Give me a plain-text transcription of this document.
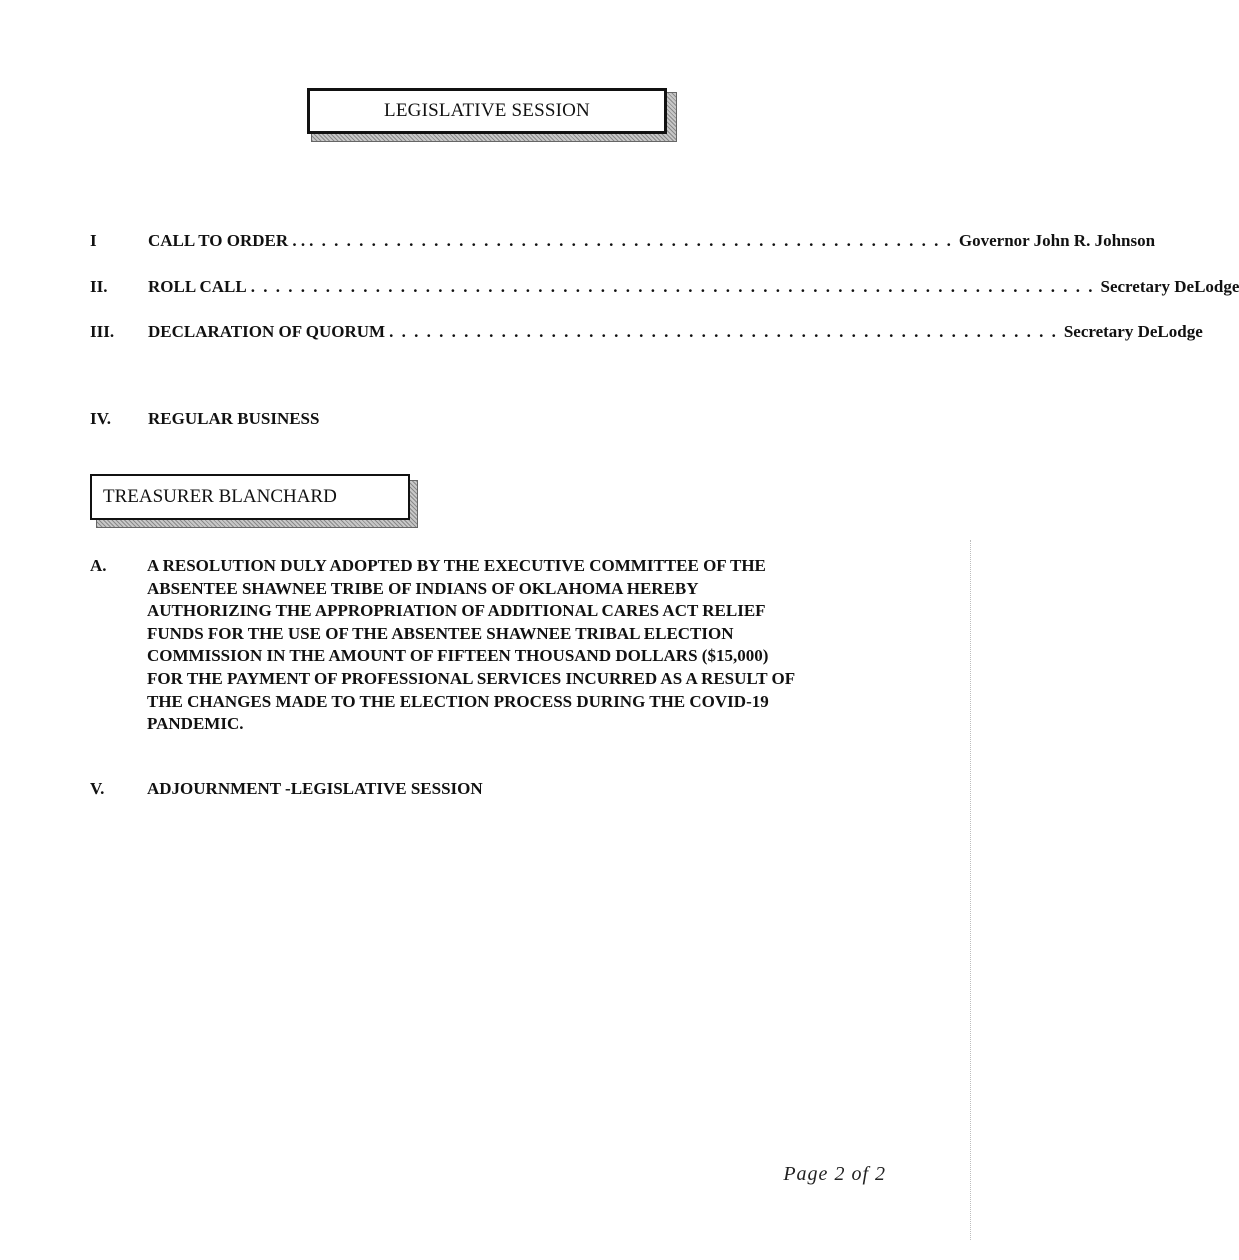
LEGISLATIVE SESSION
I	CALL TO ORDER . . . . . . . . . . . . . . . . . . . . . . . . . . . . . . . . . . . . . . . . . . . . . . . . . . . . . . Governor John R. Johnson
II.	ROLL CALL . . . . . . . . . . . . . . . . . . . . . . . . . . . . . . . . . . . . . . . . . . . . . . . . . . . . . . . . . . . . . . . . . . . . Secretary DeLodge
III.	DECLARATION OF QUORUM . . . . . . . . . . . . . . . . . . . . . . . . . . . . . . . . . . . . . . . . . . . . . . . . . . . . . . Secretary DeLodge
IV.	REGULAR BUSINESS
TREASURER BLANCHARD
A.	A RESOLUTION DULY ADOPTED BY THE EXECUTIVE COMMITTEE OF THE
ABSENTEE SHAWNEE TRIBE OF INDIANS OF OKLAHOMA HEREBY
AUTHORIZING THE APPROPRIATION OF ADDITIONAL CARES ACT RELIEF
FUNDS FOR THE USE OF THE ABSENTEE SHAWNEE TRIBAL ELECTION
COMMISSION IN THE AMOUNT OF FIFTEEN THOUSAND DOLLARS ($15,000)
FOR THE PAYMENT OF PROFESSIONAL SERVICES INCURRED AS A RESULT OF
THE CHANGES MADE TO THE ELECTION PROCESS DURING THE COVID-19
PANDEMIC.
V.	ADJOURNMENT -LEGISLATIVE SESSION
Page 2 of 2
